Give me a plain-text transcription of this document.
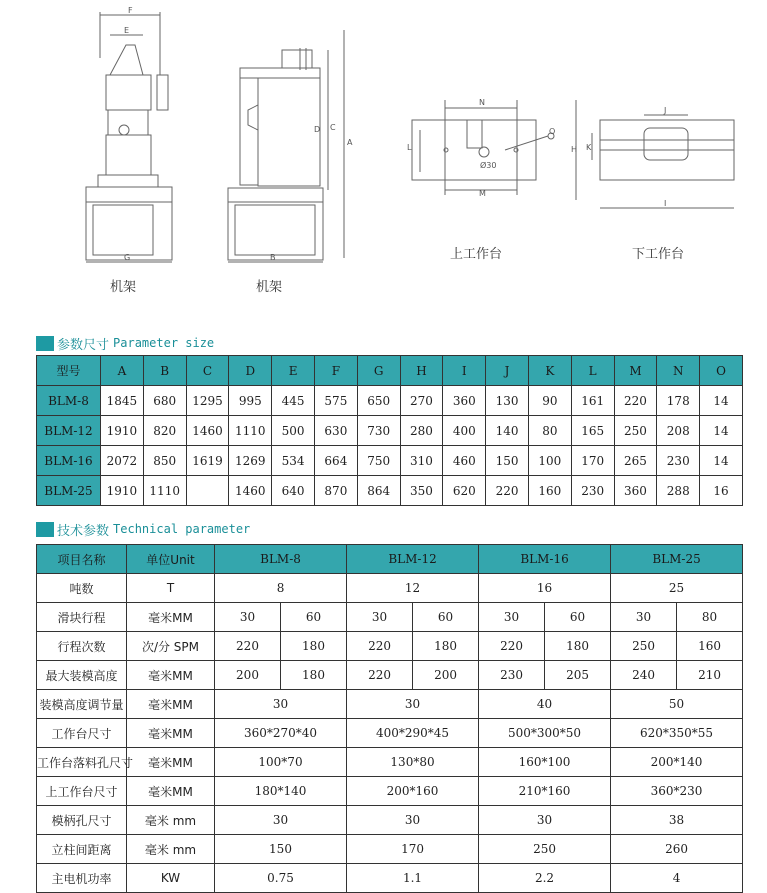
F
E
G
D C
A
B
N
L
M
O
Ø30
J
H K
I
机架	机架
上工作台	下工作台
参数尺寸 Parameter size
型号	A	B	C	D	E	F	G	H	I	J	K	L	M	N	O
BLM-8	1845	680	1295	995	445	575	650	270	360	130	90	161	220	178	14
BLM-12	1910	820	1460	1110	500	630	730	280	400	140	80	165	250	208	14
BLM-16	2072	850	1619	1269	534	664	750	310	460	150	100	170	265	230	14
BLM-25	1910	1110		1460	640	870	864	350	620	220	160	230	360	288	16
技术参数 Technical parameter
项目名称	单位Unit	BLM-8		BLM-12		BLM-16		BLM-25	
吨数	T	8		12		16		25	
滑块行程	毫米MM	30	60	30	60	30	60	30	80
行程次数	次/分 SPM	220	180	220	180	220	180	250	160
最大装模高度	毫米MM	200	180	220	200	230	205	240	210
装模高度调节量	毫米MM	30		30		40		50	
工作台尺寸	毫米MM	360*270*40		400*290*45		500*300*50		620*350*55	
工作台落料孔尺寸	毫米MM	100*70		130*80		160*100		200*140	
上工作台尺寸	毫米MM	180*140		200*160		210*160		360*230	
模柄孔尺寸	毫米 mm	30		30		30		38	
立柱间距离	毫米 mm	150		170		250		260	
主电机功率	KW	0.75		1.1		2.2		4	
